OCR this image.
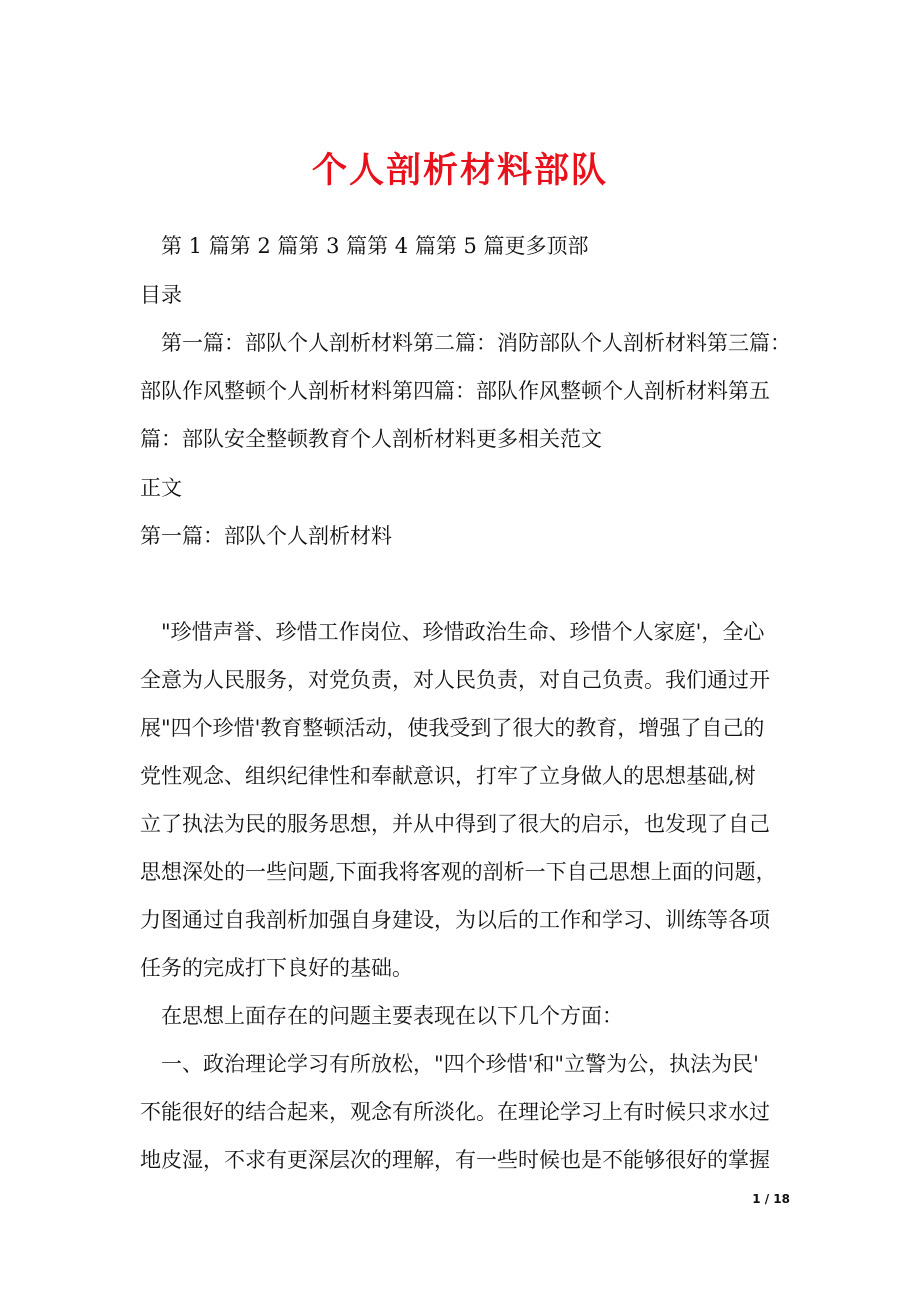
个人剖析材料部队
第 1 篇第 2 篇第 3 篇第 4 篇第 5 篇更多顶部
目录
第一篇：部队个人剖析材料第二篇：消防部队个人剖析材料第三篇：
部队作风整顿个人剖析材料第四篇：部队作风整顿个人剖析材料第五
篇：部队安全整顿教育个人剖析材料更多相关范文
正文
第一篇：部队个人剖析材料
"珍惜声誉、珍惜工作岗位、珍惜政治生命、珍惜个人家庭'，全心
全意为人民服务，对党负责，对人民负责，对自己负责。我们通过开
展"四个珍惜'教育整顿活动，使我受到了很大的教育，增强了自己的
党性观念、组织纪律性和奉献意识，打牢了立身做人的思想基础,树
立了执法为民的服务思想，并从中得到了很大的启示，也发现了自己
思想深处的一些问题,下面我将客观的剖析一下自己思想上面的问题，
力图通过自我剖析加强自身建设，为以后的工作和学习、训练等各项
任务的完成打下良好的基础。
在思想上面存在的问题主要表现在以下几个方面：
一、政治理论学习有所放松，"四个珍惜'和"立警为公，执法为民'
不能很好的结合起来，观念有所淡化。在理论学习上有时候只求水过
地皮湿，不求有更深层次的理解，有一些时候也是不能够很好的掌握
1 / 18
